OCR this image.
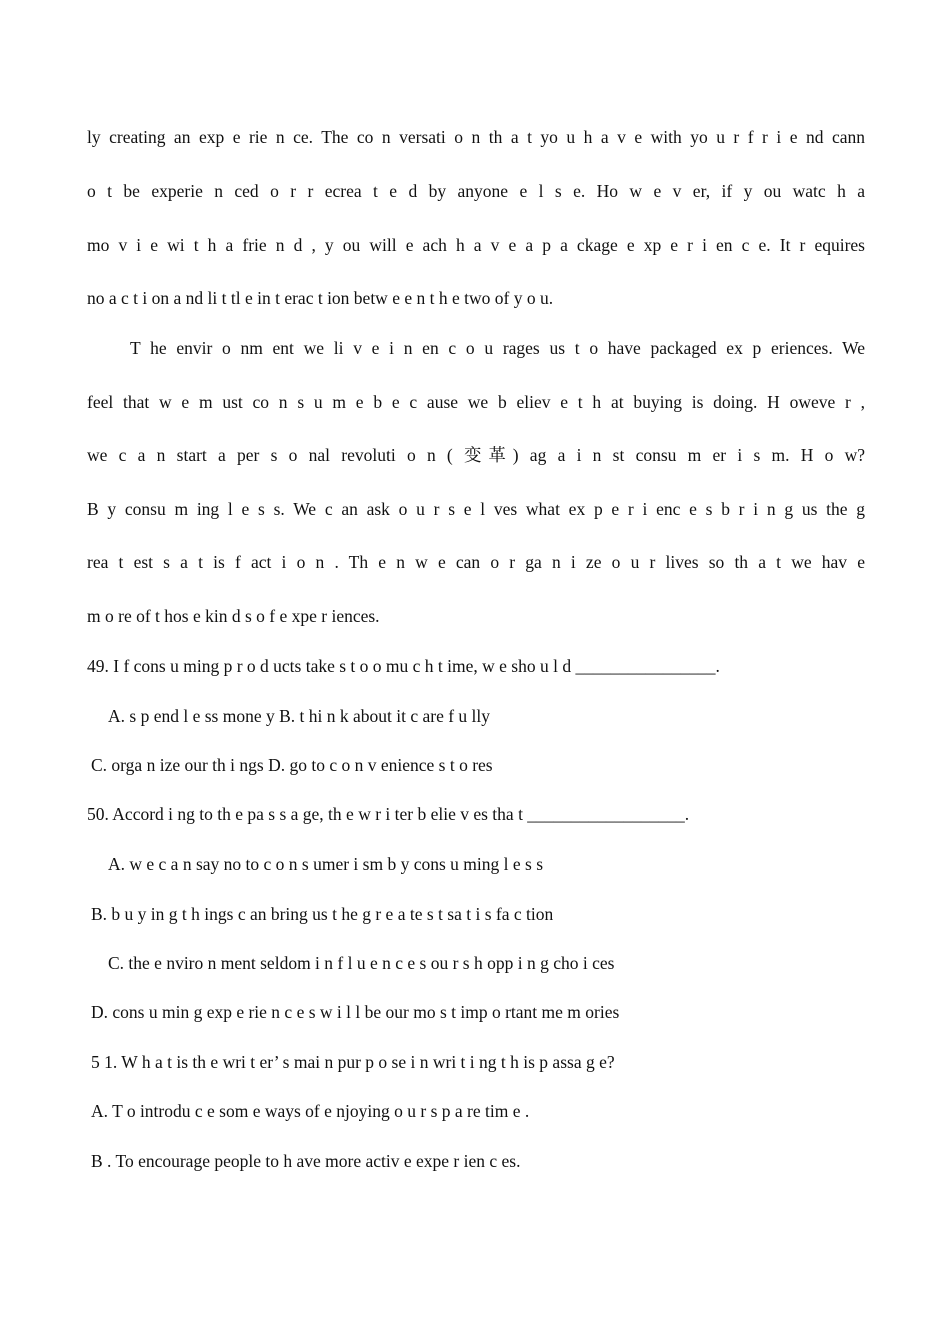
ly creating an exp e rie n ce. The co n versati o n th a t yo u h a v e with yo u r f r i e nd cann
o t be experie n ced o r r ecrea t e d by anyone e l s e. Ho w e v er, if y ou watc h a
mo v i e wi t h a frie n d , y ou will e ach h a v e a p a ckage e xp e r i en c e. It r equires
no a c t i on a nd li t tl e in t erac t ion betw e e n t h e two of y o u.
T he envir o nm ent we li v e i n en c o u rages us t o have packaged ex p eriences. We
feel that w e m ust co n s u m e b e c ause we b eliev e t h at buying is doing. H oweve r ,
we c a n start a per s o nal revoluti o n ( 变革) ag a i n st consu m er i s m. H o w?
B y consu m ing l e s s. We c an ask o u r s e l ves what ex p e r i enc e s b r i n g us the g
rea t est s a t is f act i o n . Th e n w e can o r ga n i ze o u r lives so th a t we hav e
m o re of t hos e kin d s o f e xpe r iences.
49. I f cons u ming p r o d ucts take s t o o mu c h t ime, w e sho u l d ________________.
A. s p end l e ss mone y B. t hi n k about it c are f u lly
C. orga n ize our th i ngs D. go to c o n v enience s t o res
50. Accord i ng to th e pa s s a ge, th e w r i ter b elie v es tha t __________________.
A. w e c a n say no to c o n s umer i sm b y cons u ming l e s s
B. b u y in g t h ings c an bring us t he g r e a te s t sa t i s fa c tion
C. the e nviro n ment seldom i n f l u e n c e s ou r s h opp i n g cho i ces
D. cons u min g exp e rie n c e s w i l l be our mo s t imp o rtant me m ories
5 1. W h a t is th e wri t er’ s mai n pur p o se i n wri t i ng t h is p assa g e?
A. T o introdu c e som e ways of e njoying o u r s p a re tim e .
B . To encourage people to h ave more activ e expe r ien c es.
